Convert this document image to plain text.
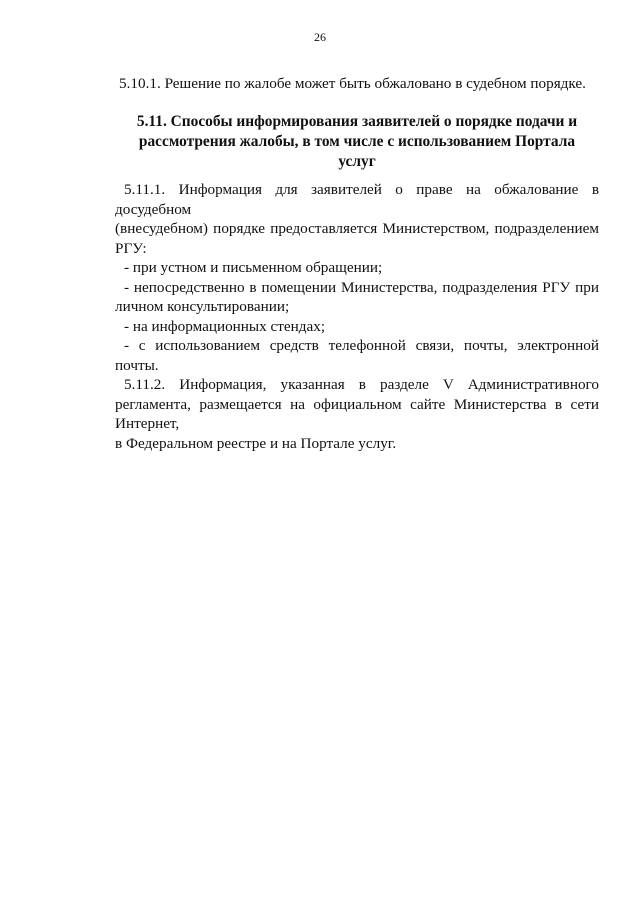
26
5.10.1. Решение по жалобе может быть обжаловано в судебном порядке.
5.11. Способы информирования заявителей о порядке подачи и
рассмотрения жалобы, в том числе с использованием Портала
услуг

5.11.1. Информация для заявителей о праве на обжалование в досудебном

(внесудебном) порядке предоставляется Министерством, подразделением РГУ:

- при устном и письменном обращении;

- непосредственно в помещении Министерства, подразделения РГУ при

личном консультировании;

- на информационных стендах;

- с использованием средств телефонной связи, почты, электронной почты.

5.11.2. Информация, указанная в разделе V Административного

регламента, размещается на официальном сайте Министерства в сети Интернет,

в Федеральном реестре и на Портале услуг.
